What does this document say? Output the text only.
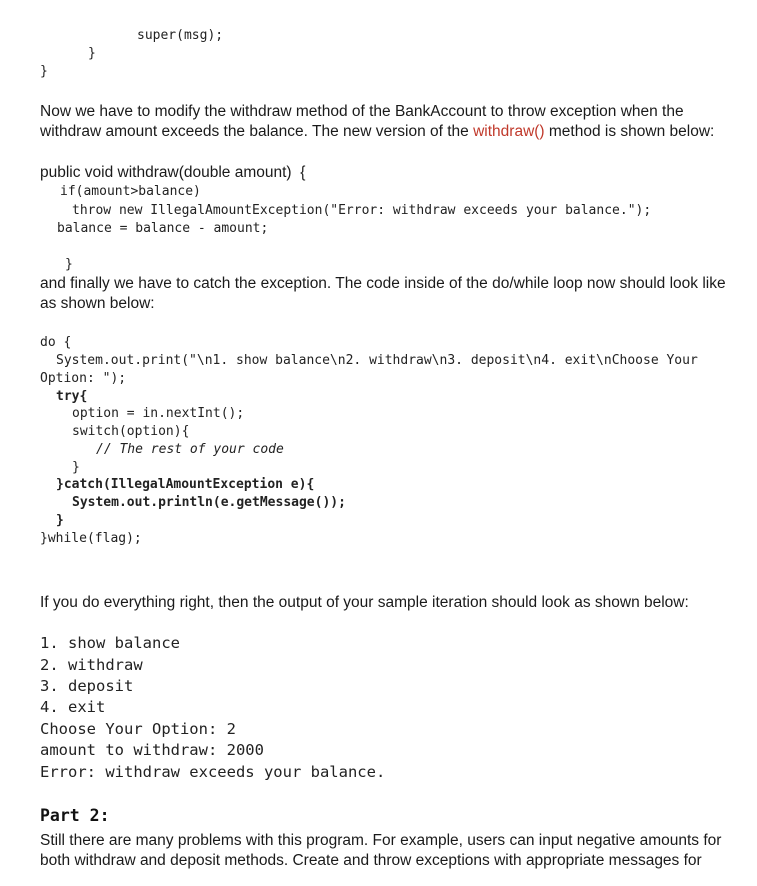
super(msg);
}
}
Now we have to modify the withdraw method of the BankAccount to throw exception when the withdraw amount exceeds the balance. The new version of the withdraw() method is shown below:
public void withdraw(double amount)  {
if(amount>balance)
throw new IllegalAmountException("Error: withdraw exceeds your balance.");
balance = balance - amount;
}
and finally we have to catch the exception. The code inside of the do/while loop now should look like as shown below:
do {
System.out.print("\n1. show balance\n2. withdraw\n3. deposit\n4. exit\nChoose Your
Option: ");
try{
option = in.nextInt();
switch(option){
// The rest of your code
}
}catch(IllegalAmountException e){
System.out.println(e.getMessage());
}
}while(flag);
If you do everything right, then the output of your sample iteration should look as shown below:
1. show balance
2. withdraw
3. deposit
4. exit
Choose Your Option: 2
amount to withdraw: 2000
Error: withdraw exceeds your balance.
Part 2:
Still there are many problems with this program. For example, users can input negative amounts for both withdraw and deposit methods. Create and throw exceptions with appropriate messages for
